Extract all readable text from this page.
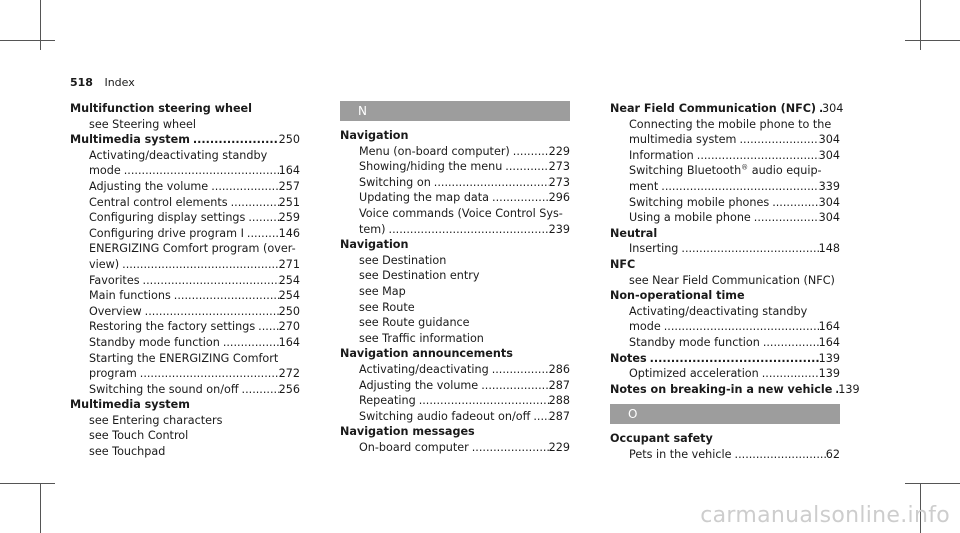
518 Index
Multifunction steering wheel
see Steering wheel
Multimedia system .....	250
Activating/deactivating standby
mode .....	164
Adjusting the volume .....	257
Central control elements .....	251
Configuring display settings .....	259
Configuring drive program I .....	146
ENERGIZING Comfort program (over-
view) .....	271
Favorites .....	254
Main functions .....	254
Overview .....	250
Restoring the factory settings ..... 270
Standby mode function .....	164
Starting the ENERGIZING Comfort
program .....	272
Switching the sound on/off .....	256
Multimedia system
see Entering characters
see Touch Control
see Touchpad
N
Navigation
Menu (on-board computer) .....	229
Showing/hiding the menu .....	273
Switching on .....	273
Updating the map data .....	296
Voice commands (Voice Control Sys-
tem) .....	239
Navigation
see Destination
see Destination entry
see Map
see Route
see Route guidance
see Traffic information
Navigation announcements
Activating/deactivating .....	286
Adjusting the volume .....	287
Repeating .....	288
Switching audio fadeout on/off ..... 287
Navigation messages
On-board computer .....	229
Near Field Communication (NFC) ..... 304
Connecting the mobile phone to the
multimedia system .....	304
Information .....	304
Switching Bluetooth® audio equip-
ment .....	339
Switching mobile phones .....	304
Using a mobile phone .....	304
Neutral
Inserting .....	148
NFC
see Near Field Communication (NFC)
Non-operational time
Activating/deactivating standby
mode .....	164
Standby mode function .....	164
Notes .....	139
Optimized acceleration .....	139
Notes on breaking-in a new vehicle ..... 139
O
Occupant safety
Pets in the vehicle .....	62
carmanualsonline.info
